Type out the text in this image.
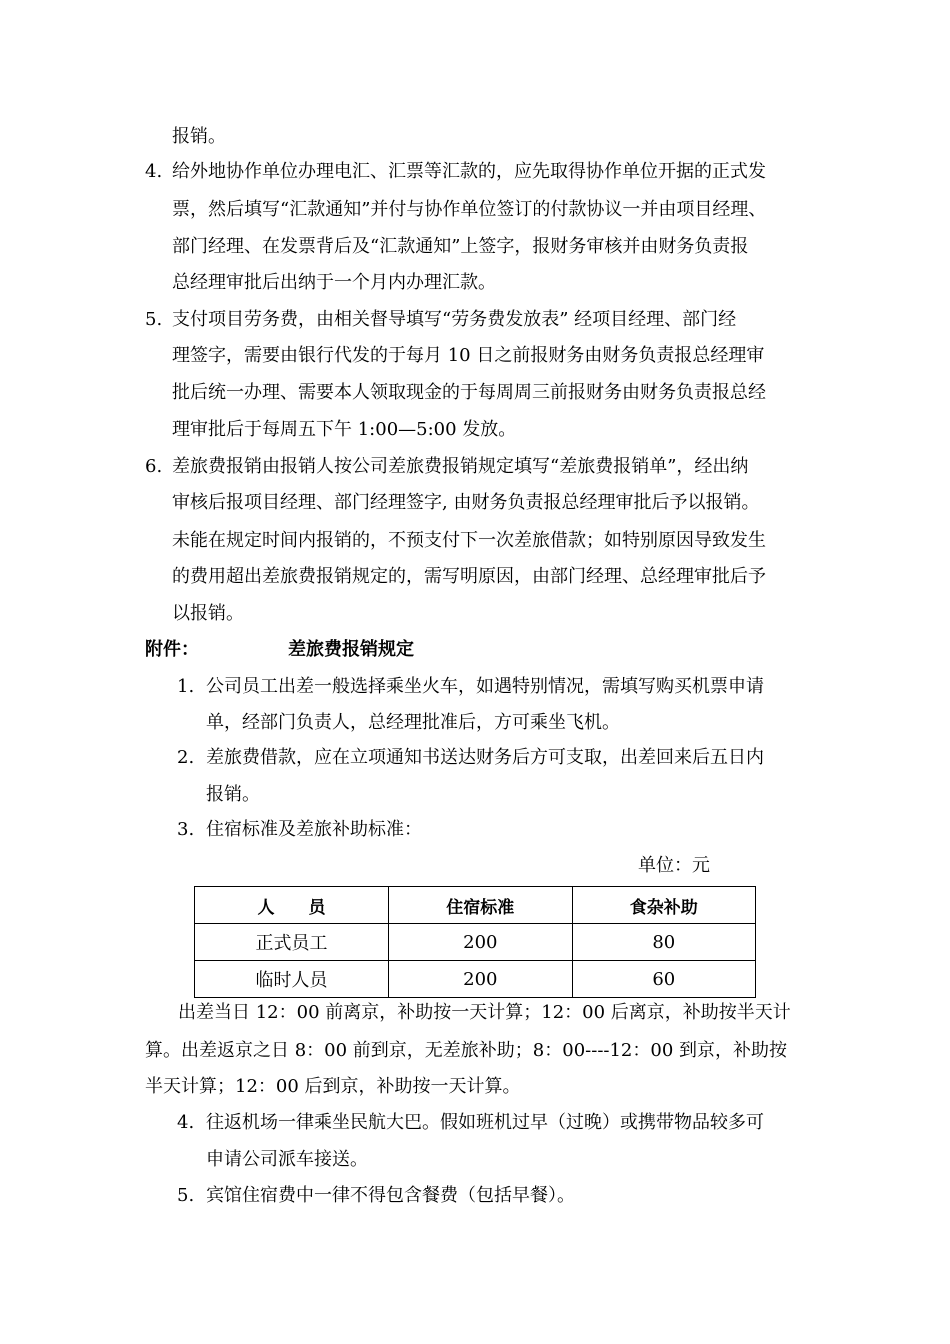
报销。
4. 给外地协作单位办理电汇、汇票等汇款的，应先取得协作单位开据的正式发
票，然后填写“汇款通知”并付与协作单位签订的付款协议一并由项目经理、
部门经理、在发票背后及“汇款通知”上签字，报财务审核并由财务负责报
总经理审批后出纳于一个月内办理汇款。
5. 支付项目劳务费，由相关督导填写“劳务费发放表” 经项目经理、部门经
理签字，需要由银行代发的于每月 10 日之前报财务由财务负责报总经理审
批后统一办理、需要本人领取现金的于每周周三前报财务由财务负责报总经
理审批后于每周五下午 1:00—5:00 发放。
6. 差旅费报销由报销人按公司差旅费报销规定填写“差旅费报销单”，经出纳
审核后报项目经理、部门经理签字, 由财务负责报总经理审批后予以报销。
未能在规定时间内报销的，不预支付下一次差旅借款；如特别原因导致发生
的费用超出差旅费报销规定的，需写明原因，由部门经理、总经理审批后予
以报销。
附件：	差旅费报销规定
1. 公司员工出差一般选择乘坐火车，如遇特别情况，需填写购买机票申请
单，经部门负责人，总经理批准后，方可乘坐飞机。
2. 差旅费借款，应在立项通知书送达财务后方可支取，出差回来后五日内
报销。
3. 住宿标准及差旅补助标准：
单位：元
人　　员	住宿标准	食杂补助
正式员工	200	80
临时人员	200	60
出差当日 12：00 前离京，补助按一天计算；12：00 后离京，补助按半天计
算。出差返京之日 8：00 前到京，无差旅补助；8：00----12：00 到京，补助按
半天计算；12：00 后到京，补助按一天计算。
4. 往返机场一律乘坐民航大巴。假如班机过早（过晚）或携带物品较多可
申请公司派车接送。
5. 宾馆住宿费中一律不得包含餐费（包括早餐）。
